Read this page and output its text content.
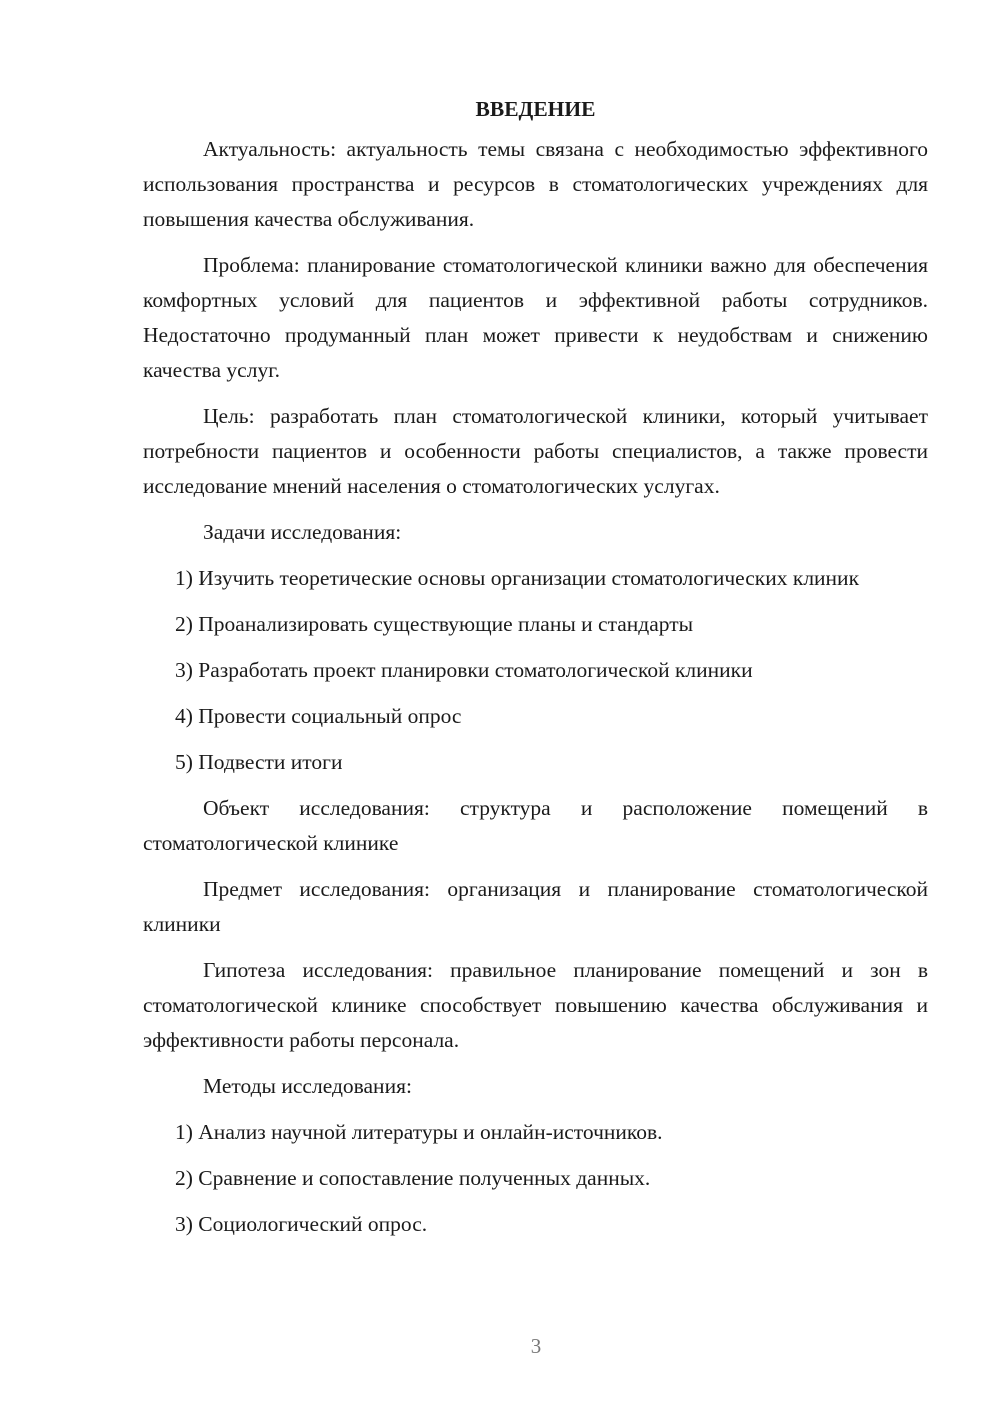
ВВЕДЕНИЕ

Актуальность: актуальность темы связана с необходимостью эффективного использования пространства и ресурсов в стоматологических учреждениях для повышения качества обслуживания.

Проблема: планирование стоматологической клиники важно для обеспечения комфортных условий для пациентов и эффективной работы сотрудников. Недостаточно продуманный план может привести к неудобствам и снижению качества услуг.

Цель: разработать план стоматологической клиники, который учитывает потребности пациентов и особенности работы специалистов, а также провести исследование мнений населения о стоматологических услугах.

Задачи исследования:

1) Изучить теоретические основы организации стоматологических клиник

2) Проанализировать существующие планы и стандарты

3) Разработать проект планировки стоматологической клиники

4) Провести социальный опрос

5) Подвести итоги

Объект исследования: структура и расположение помещений в стоматологической клинике

Предмет исследования: организация и планирование стоматологической клиники

Гипотеза исследования: правильное планирование помещений и зон в стоматологической клинике способствует повышению качества обслуживания и эффективности работы персонала.

Методы исследования:

1) Анализ научной литературы и онлайн-источников.

2) Сравнение и сопоставление полученных данных.

3) Социологический опрос.

3
